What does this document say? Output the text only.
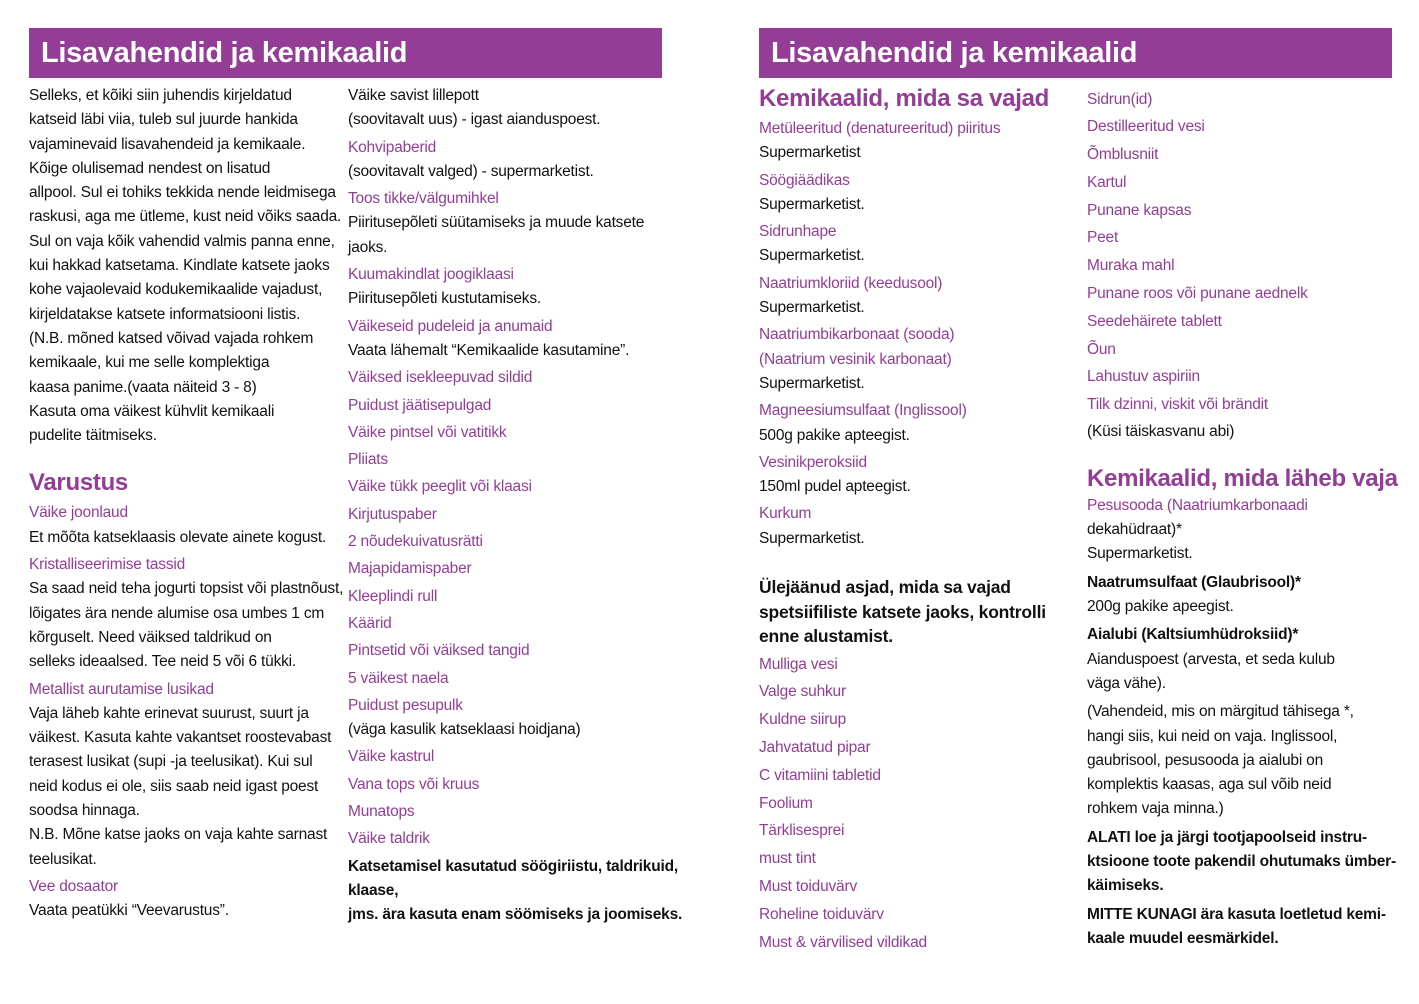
Lisavahendid ja kemikaalid

Selleks, et kõiki siin juhendis kirjeldatud

katseid läbi viia, tuleb sul juurde hankida

vajaminevaid lisavahendeid ja kemikaale.

Kõige olulisemad nendest on lisatud

allpool. Sul ei tohiks tekkida nende leidmisega

raskusi, aga me ütleme, kust neid võiks saada.

Sul on vaja kõik vahendid valmis panna enne,

kui hakkad katsetama. Kindlate katsete jaoks

kohe vajaolevaid kodukemikaalide vajadust,

kirjeldatakse katsete informatsiooni listis.

(N.B. mõned katsed võivad vajada rohkem

kemikaale, kui me selle komplektiga

kaasa panime.(vaata näiteid 3 - 8)

Kasuta oma väikest kühvlit kemikaali

pudelite täitmiseks.

Varustus

Väike joonlaud
Et mõõta katseklaasis olevate ainete kogust.
Kristalliseerimise tassid
Sa saad neid teha jogurti topsist või plastnõust,
lõigates ära nende alumise osa umbes 1 cm
kõrguselt. Need väiksed taldrikud on
selleks ideaalsed. Tee neid 5 või 6 tükki.
Metallist aurutamise lusikad
Vaja läheb kahte erinevat suurust, suurt ja
väikest. Kasuta kahte vakantset roostevabast
terasest lusikat (supi -ja teelusikat). Kui sul
neid kodus ei ole, siis saab neid igast poest
soodsa hinnaga.
N.B. Mõne katse jaoks on vaja kahte sarnast
teelusikat.
Vee dosaator
Vaata peatükki “Veevarustus”.

Väike savist lillepott

(soovitavalt uus) - igast aianduspoest.

Kohvipaberid
(soovitavalt valged) - supermarketist.
Toos tikke/välgumihkel
Piiritusepõleti süütamiseks ja muude katsete
jaoks.
Kuumakindlat joogiklaasi
Piiritusepõleti kustutamiseks.
Väikeseid pudeleid ja anumaid
Vaata lähemalt “Kemikaalide kasutamine”.
Väiksed isekleepuvad sildid
Puidust jäätisepulgad
Väike pintsel või vatitikk
Pliiats
Väike tükk peeglit või klaasi
Kirjutuspaber
2 nõudekuivatusrätti
Majapidamispaber
Kleeplindi rull
Käärid
Pintsetid või väiksed tangid
5 väikest naela
Puidust pesupulk
(väga kasulik katseklaasi hoidjana)
Väike kastrul
Vana tops või kruus
Munatops
Väike taldrik

Katsetamisel kasutatud söögiriistu, taldrikuid, klaase,

jms. ära kasuta enam söömiseks ja joomiseks.

Lisavahendid ja kemikaalid

Kemikaalid, mida sa vajad

Metüleeritud (denatureeritud) piiritus
Supermarketist
Söögiäädikas
Supermarketist.
Sidrunhape
Supermarketist.
Naatriumkloriid (keedusool)
Supermarketist.
Naatriumbikarbonaat (sooda)
(Naatrium vesinik karbonaat)
Supermarketist.
Magneesiumsulfaat (Inglissool)
500g pakike apteegist.
Vesinikperoksiid
150ml pudel apteegist.
Kurkum
Supermarketist.

Ülejäänud asjad, mida sa vajad

spetsiifiliste katsete jaoks, kontrolli

enne alustamist.

Mulliga vesi

Valge suhkur

Kuldne siirup

Jahvatatud pipar

C vitamiini tabletid

Foolium

Tärklisesprei

must tint

Must toiduvärv

Roheline toiduvärv

Must & värvilised vildikad

Sidrun(id)

Destilleeritud vesi

Õmblusniit

Kartul

Punane kapsas

Peet

Muraka mahl

Punane roos või punane aednelk

Seedehäirete tablett

Õun

Lahustuv aspiriin

Tilk dzinni, viskit või brändit

(Küsi täiskasvanu abi)

Kemikaalid, mida läheb vaja

Pesusooda (Naatriumkarbonaadi

dekahüdraat)*

Supermarketist.

Naatrumsulfaat (Glaubrisool)*

200g pakike apeegist.

Aialubi (Kaltsiumhüdroksiid)*

Aianduspoest (arvesta, et seda kulub

väga vähe).

(Vahendeid, mis on märgitud tähisega *,

hangi siis, kui neid on vaja. Inglissool,

gaubrisool, pesusooda ja aialubi on

komplektis kaasas, aga sul võib neid

rohkem vaja minna.)

ALATI loe ja järgi tootjapoolseid instru-

ktsioone toote pakendil ohutumaks ümber-

käimiseks.

MITTE KUNAGI ära kasuta loetletud kemi-

kaale muudel eesmärkidel.
